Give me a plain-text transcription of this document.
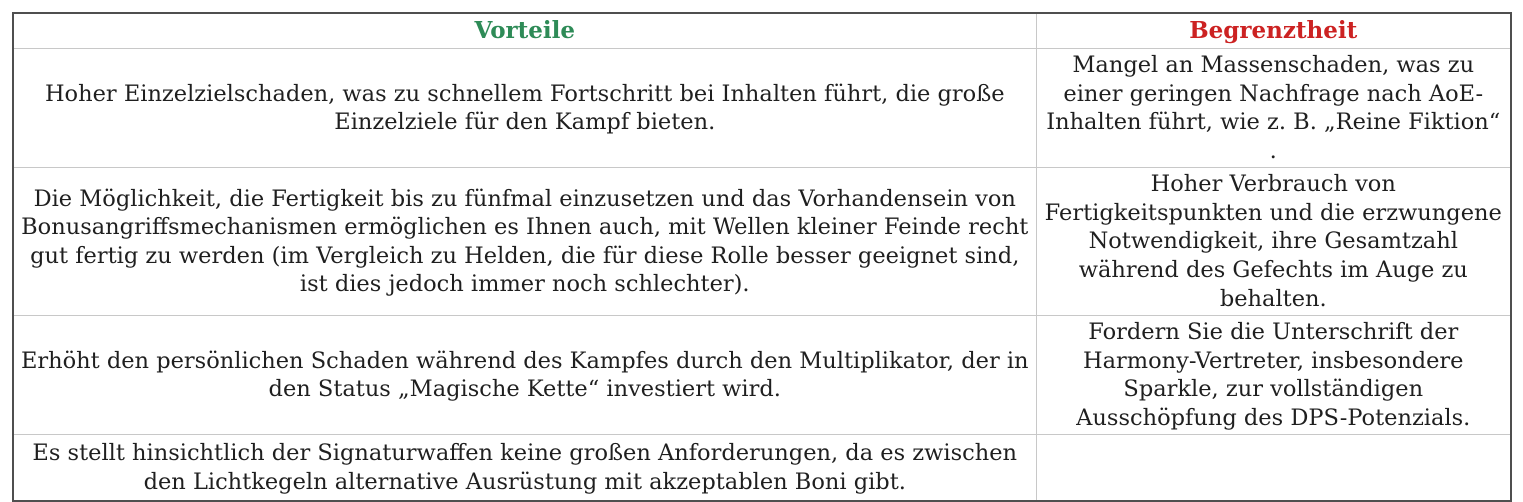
Vorteile	Begrenztheit
Hoher Einzelzielschaden, was zu schnellem Fortschritt bei Inhalten führt, die große Einzelziele für den Kampf bieten.	Mangel an Massenschaden, was zu einer geringen Nachfrage nach AoE-Inhalten führt, wie z. B. „Reine Fiktion“ .
Die Möglichkeit, die Fertigkeit bis zu fünfmal einzusetzen und das Vorhandensein von Bonusangriffsmechanismen ermöglichen es Ihnen auch, mit Wellen kleiner Feinde recht gut fertig zu werden (im Vergleich zu Helden, die für diese Rolle besser geeignet sind, ist dies jedoch immer noch schlechter).	Hoher Verbrauch von Fertigkeitspunkten und die erzwungene Notwendigkeit, ihre Gesamtzahl während des Gefechts im Auge zu behalten.
Erhöht den persönlichen Schaden während des Kampfes durch den Multiplikator, der in den Status „Magische Kette“ investiert wird.	Fordern Sie die Unterschrift der Harmony-Vertreter, insbesondere Sparkle, zur vollständigen Ausschöpfung des DPS-Potenzials.
Es stellt hinsichtlich der Signaturwaffen keine großen Anforderungen, da es zwischen den Lichtkegeln alternative Ausrüstung mit akzeptablen Boni gibt.	
